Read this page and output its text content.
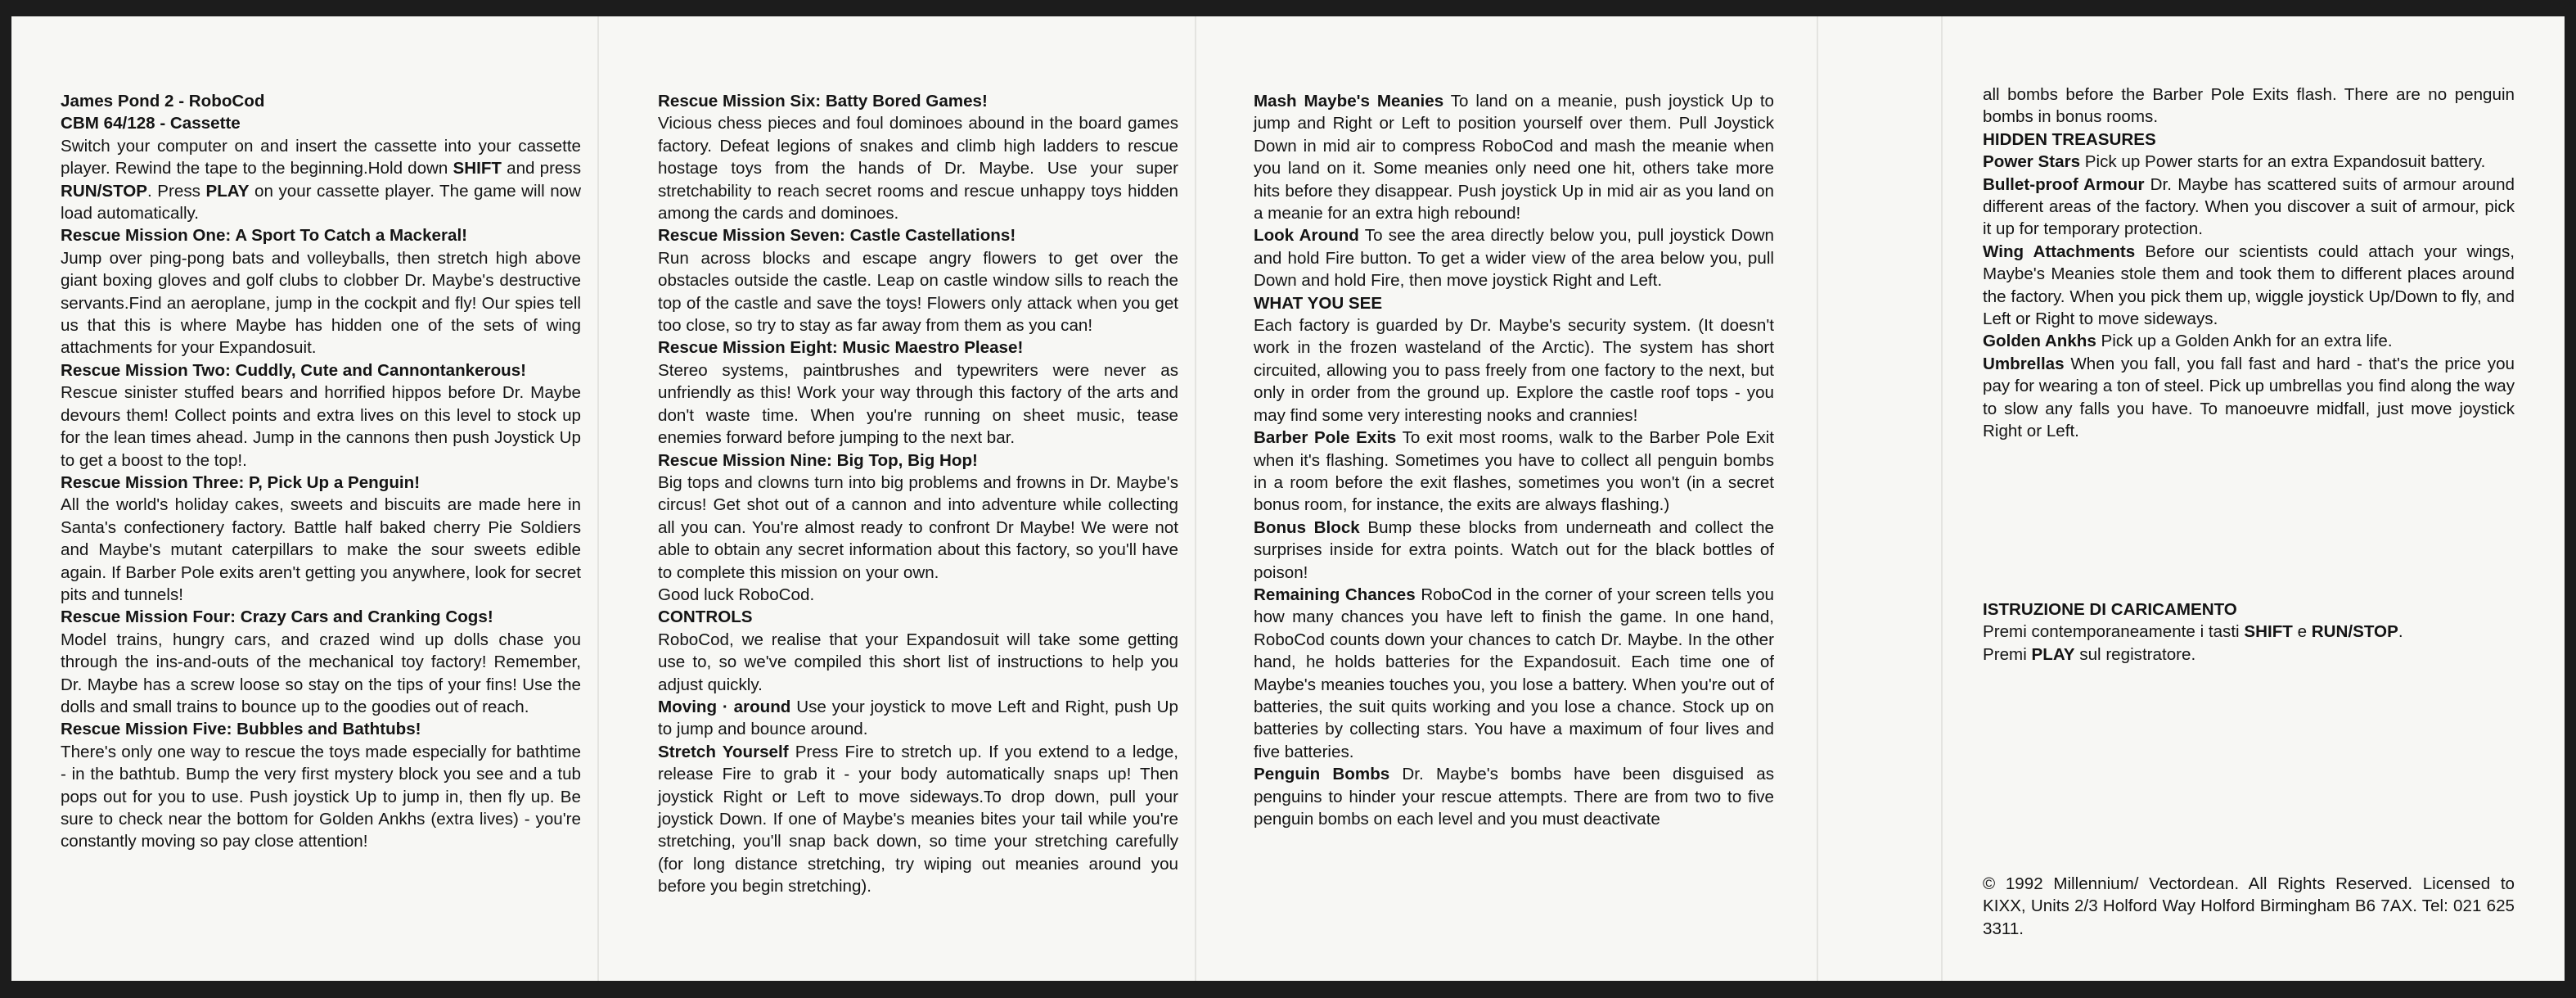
James Pond 2 - RoboCod

CBM 64/128 - Cassette

Switch your computer on and insert the cassette into your cassette player. Rewind the tape to the beginning.Hold down SHIFT and press RUN/STOP. Press PLAY on your cassette player. The game will now load automatically.

Rescue Mission One: A Sport To Catch a Mackeral!

Jump over ping-pong bats and volleyballs, then stretch high above giant boxing gloves and golf clubs to clobber Dr. Maybe's destructive servants.Find an aeroplane, jump in the cockpit and fly! Our spies tell us that this is where Maybe has hidden one of the sets of wing attachments for your Expandosuit.

Rescue Mission Two: Cuddly, Cute and Cannontankerous!

Rescue sinister stuffed bears and horrified hippos before Dr. Maybe devours them! Collect points and extra lives on this level to stock up for the lean times ahead. Jump in the cannons then push Joystick Up to get a boost to the top!.

Rescue Mission Three: P, Pick Up a Penguin!

All the world's holiday cakes, sweets and biscuits are made here in Santa's confectionery factory. Battle half baked cherry Pie Soldiers and Maybe's mutant caterpillars to make the sour sweets edible again. If Barber Pole exits aren't getting you anywhere, look for secret pits and tunnels!

Rescue Mission Four: Crazy Cars and Cranking Cogs!

Model trains, hungry cars, and crazed wind up dolls chase you through the ins-and-outs of the mechanical toy factory! Remember, Dr. Maybe has a screw loose so stay on the tips of your fins! Use the dolls and small trains to bounce up to the goodies out of reach.

Rescue Mission Five: Bubbles and Bathtubs!

There's only one way to rescue the toys made especially for bathtime - in the bathtub. Bump the very first mystery block you see and a tub pops out for you to use. Push joystick Up to jump in, then fly up. Be sure to check near the bottom for Golden Ankhs (extra lives) - you're constantly moving so pay close attention!

Rescue Mission Six: Batty Bored Games!

Vicious chess pieces and foul dominoes abound in the board games factory. Defeat legions of snakes and climb high ladders to rescue hostage toys from the hands of Dr. Maybe. Use your super stretchability to reach secret rooms and rescue unhappy toys hidden among the cards and dominoes.

Rescue Mission Seven: Castle Castellations!

Run across blocks and escape angry flowers to get over the obstacles outside the castle. Leap on castle window sills to reach the top of the castle and save the toys! Flowers only attack when you get too close, so try to stay as far away from them as you can!

Rescue Mission Eight: Music Maestro Please!

Stereo systems, paintbrushes and typewriters were never as unfriendly as this! Work your way through this factory of the arts and don't waste time. When you're running on sheet music, tease enemies forward before jumping to the next bar.

Rescue Mission Nine: Big Top, Big Hop!

Big tops and clowns turn into big problems and frowns in Dr. Maybe's circus! Get shot out of a cannon and into adventure while collecting all you can. You're almost ready to confront Dr Maybe! We were not able to obtain any secret information about this factory, so you'll have to complete this mission on your own.

Good luck RoboCod.

CONTROLS

RoboCod, we realise that your Expandosuit will take some getting use to, so we've compiled this short list of instructions to help you adjust quickly.

Moving · around Use your joystick to move Left and Right, push Up to jump and bounce around.

Stretch Yourself Press Fire to stretch up. If you extend to a ledge, release Fire to grab it - your body automatically snaps up! Then joystick Right or Left to move sideways.To drop down, pull your joystick Down. If one of Maybe's meanies bites your tail while you're stretching, you'll snap back down, so time your stretching carefully (for long distance stretching, try wiping out meanies around you before you begin stretching).

Mash Maybe's Meanies To land on a meanie, push joystick Up to jump and Right or Left to position yourself over them. Pull Joystick Down in mid air to compress RoboCod and mash the meanie when you land on it. Some meanies only need one hit, others take more hits before they disappear. Push joystick Up in mid air as you land on a meanie for an extra high rebound!

Look Around To see the area directly below you, pull joystick Down and hold Fire button. To get a wider view of the area below you, pull Down and hold Fire, then move joystick Right and Left.

WHAT YOU SEE

Each factory is guarded by Dr. Maybe's security system. (It doesn't work in the frozen wasteland of the Arctic). The system has short circuited, allowing you to pass freely from one factory to the next, but only in order from the ground up. Explore the castle roof tops - you may find some very interesting nooks and crannies!

Barber Pole Exits To exit most rooms, walk to the Barber Pole Exit when it's flashing. Sometimes you have to collect all penguin bombs in a room before the exit flashes, sometimes you won't (in a secret bonus room, for instance, the exits are always flashing.)

Bonus Block Bump these blocks from underneath and collect the surprises inside for extra points. Watch out for the black bottles of poison!

Remaining Chances RoboCod in the corner of your screen tells you how many chances you have left to finish the game. In one hand, RoboCod counts down your chances to catch Dr. Maybe. In the other hand, he holds batteries for the Expandosuit. Each time one of Maybe's meanies touches you, you lose a battery. When you're out of batteries, the suit quits working and you lose a chance. Stock up on batteries by collecting stars. You have a maximum of four lives and five batteries.

Penguin Bombs Dr. Maybe's bombs have been disguised as penguins to hinder your rescue attempts. There are from two to five penguin bombs on each level and you must deactivate

all bombs before the Barber Pole Exits flash. There are no penguin bombs in bonus rooms.

HIDDEN TREASURES

Power Stars Pick up Power starts for an extra Expandosuit battery.

Bullet-proof Armour Dr. Maybe has scattered suits of armour around different areas of the factory. When you discover a suit of armour, pick it up for temporary protection.

Wing Attachments Before our scientists could attach your wings, Maybe's Meanies stole them and took them to different places around the factory. When you pick them up, wiggle joystick Up/Down to fly, and Left or Right to move sideways.

Golden Ankhs Pick up a Golden Ankh for an extra life.

Umbrellas When you fall, you fall fast and hard - that's the price you pay for wearing a ton of steel. Pick up umbrellas you find along the way to slow any falls you have. To manoeuvre midfall, just move joystick Right or Left.

ISTRUZIONE DI CARICAMENTO

Premi contemporaneamente i tasti SHIFT e RUN/STOP.

Premi PLAY sul registratore.

© 1992 Millennium/ Vectordean. All Rights Reserved. Licensed to KIXX, Units 2/3 Holford Way Holford Birmingham B6 7AX. Tel: 021 625 3311.
